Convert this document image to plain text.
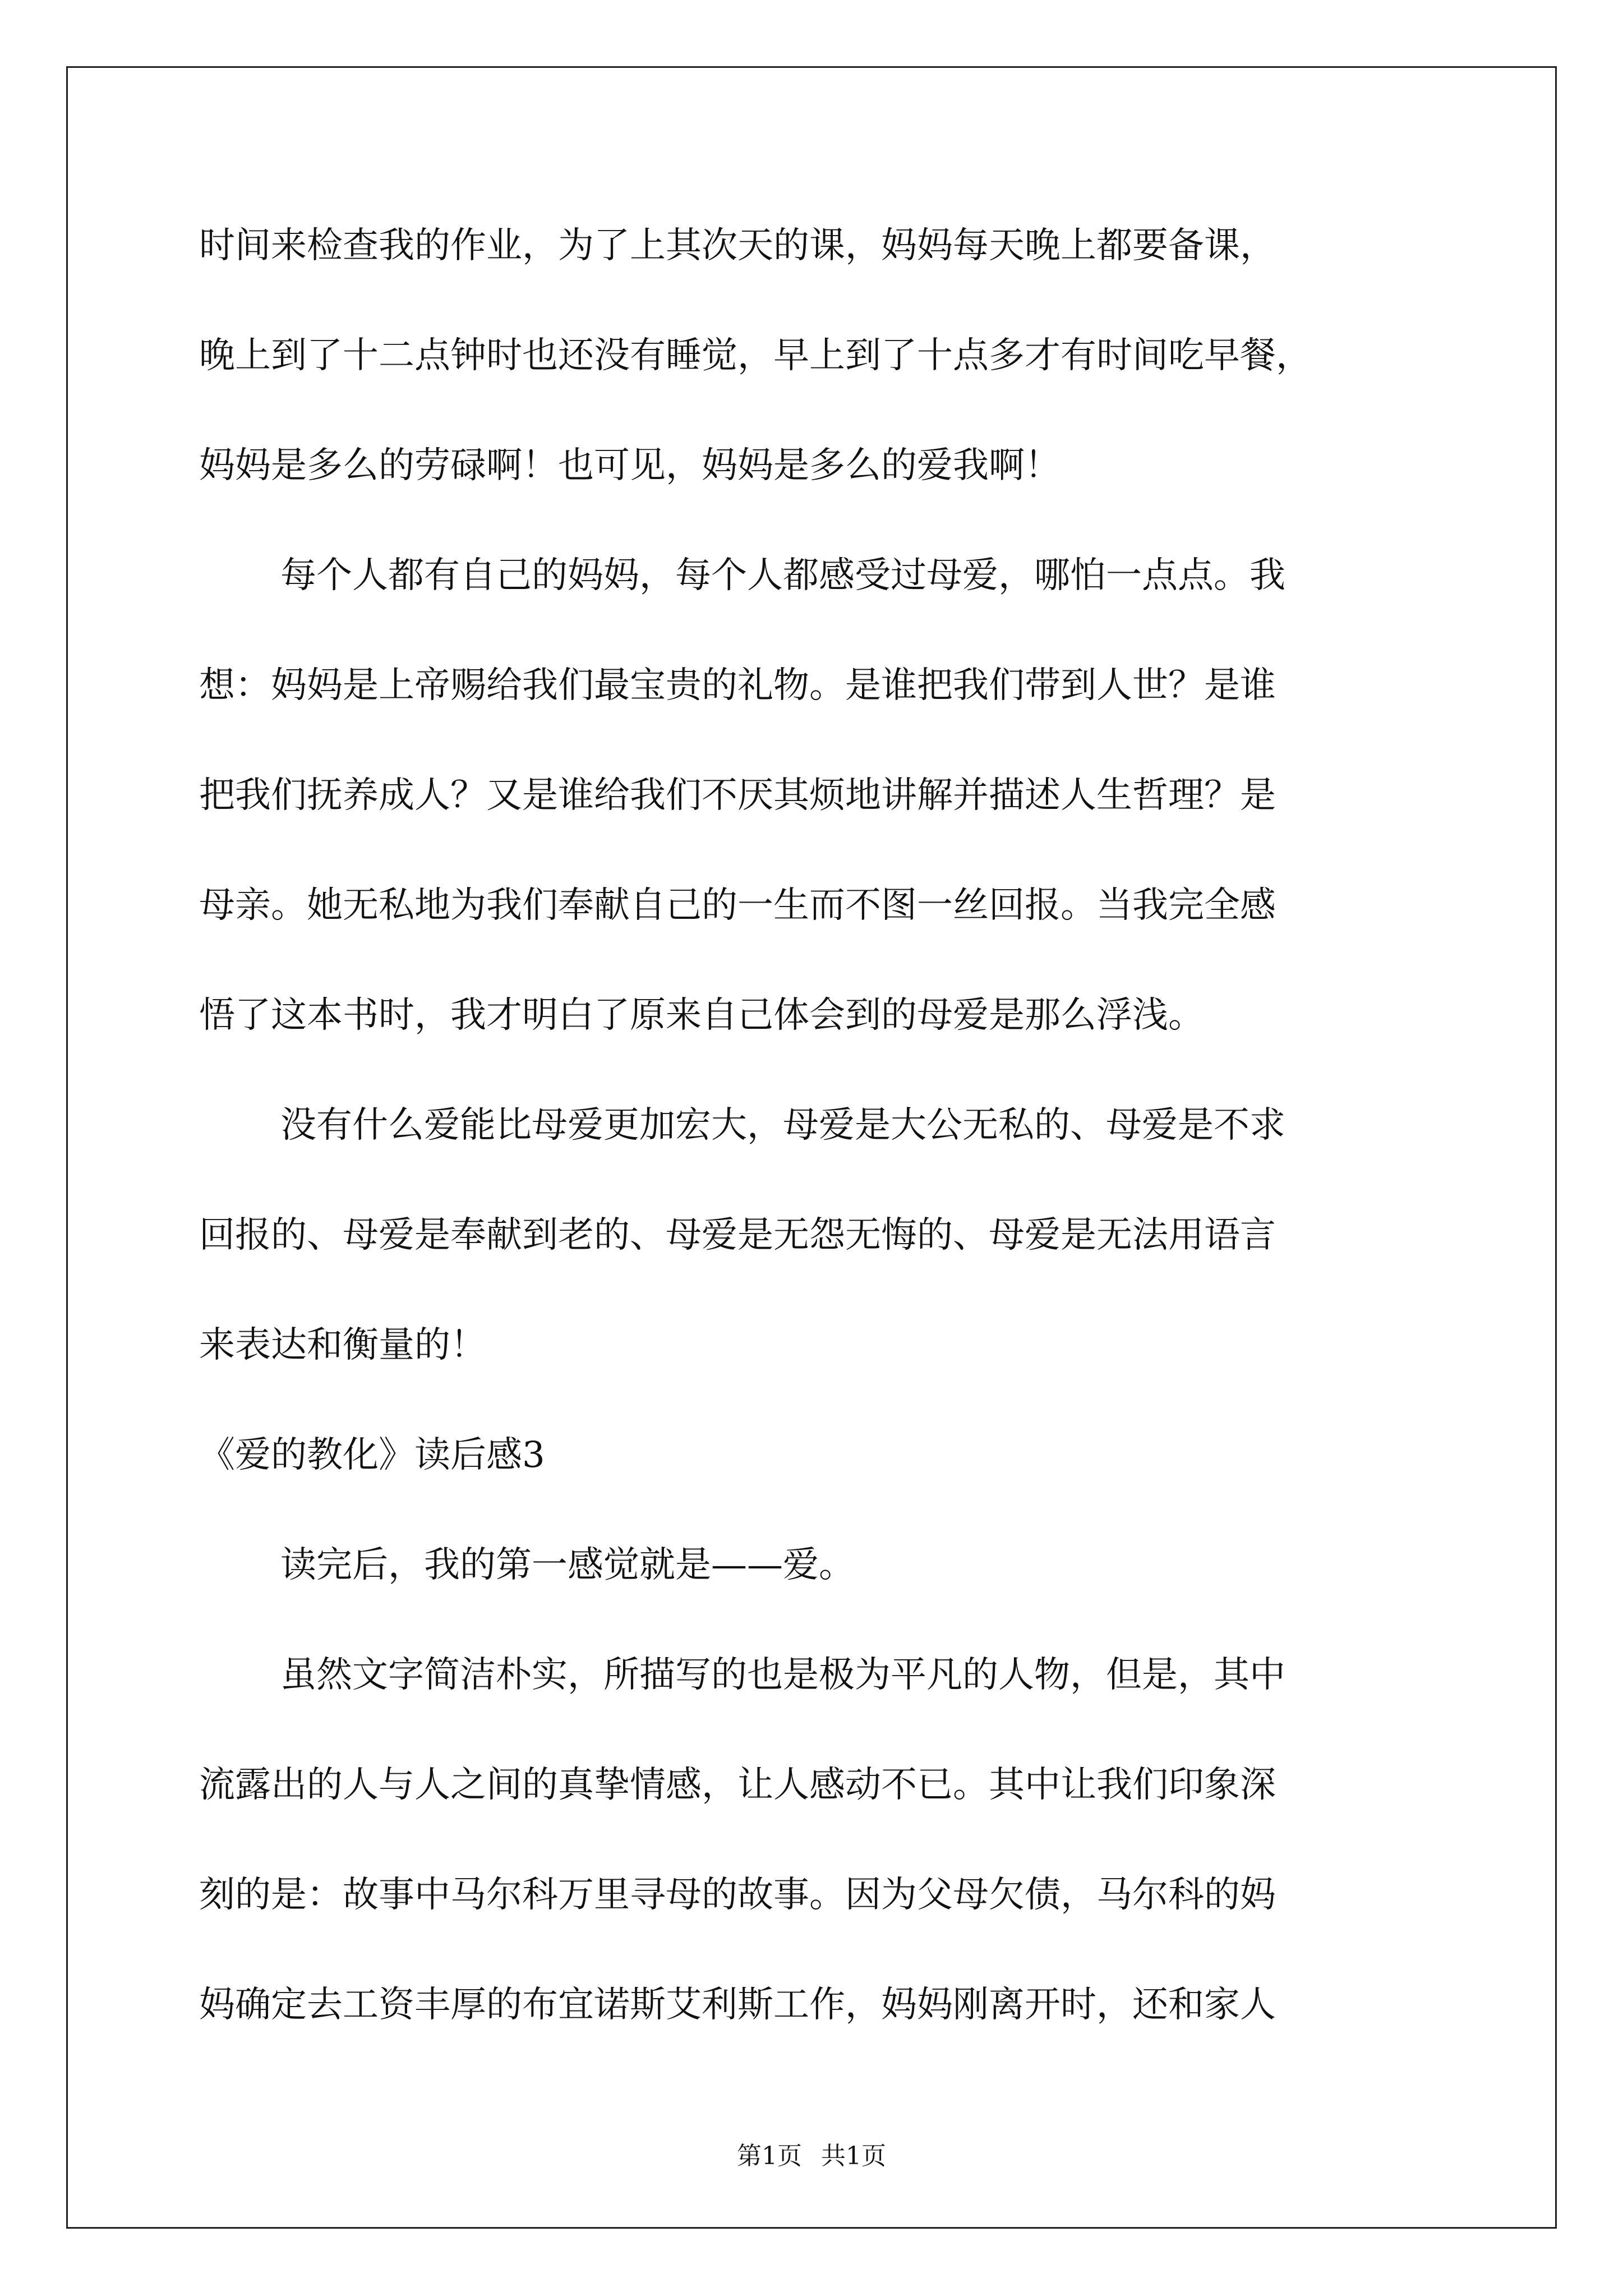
时间来检查我的作业，为了上其次天的课，妈妈每天晚上都要备课，
晚上到了十二点钟时也还没有睡觉，早上到了十点多才有时间吃早餐，
妈妈是多么的劳碌啊！也可见，妈妈是多么的爱我啊！
每个人都有自己的妈妈，每个人都感受过母爱，哪怕一点点。我
想：妈妈是上帝赐给我们最宝贵的礼物。是谁把我们带到人世？是谁
把我们抚养成人？又是谁给我们不厌其烦地讲解并描述人生哲理？是
母亲。她无私地为我们奉献自己的一生而不图一丝回报。当我完全感
悟了这本书时，我才明白了原来自己体会到的母爱是那么浮浅。
没有什么爱能比母爱更加宏大，母爱是大公无私的、母爱是不求
回报的、母爱是奉献到老的、母爱是无怨无悔的、母爱是无法用语言
来表达和衡量的！
《爱的教化》读后感3
读完后，我的第一感觉就是——爱。
虽然文字简洁朴实，所描写的也是极为平凡的人物，但是，其中
流露出的人与人之间的真挚情感，让人感动不已。其中让我们印象深
刻的是：故事中马尔科万里寻母的故事。因为父母欠债，马尔科的妈
妈确定去工资丰厚的布宜诺斯艾利斯工作，妈妈刚离开时，还和家人
第1页 共1页
